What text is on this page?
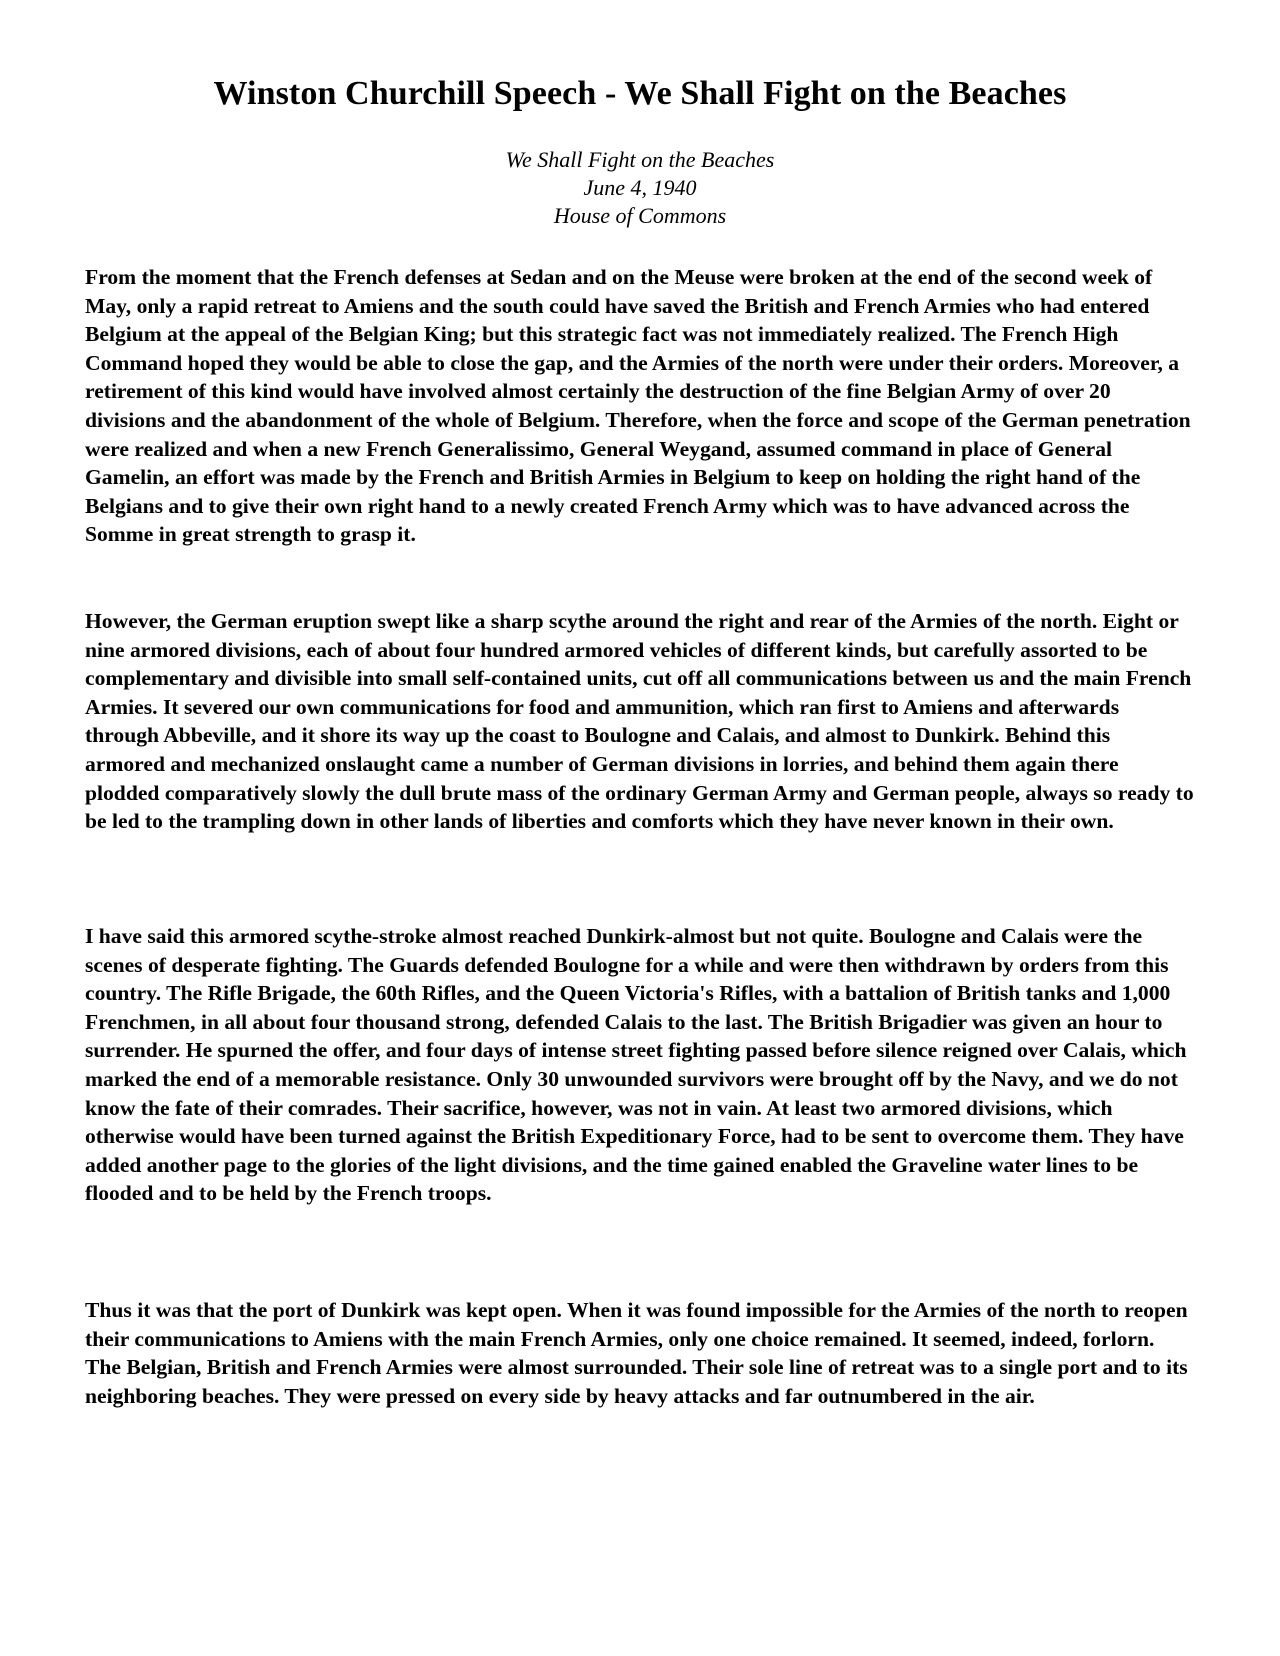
Winston Churchill Speech - We Shall Fight on the Beaches
We Shall Fight on the Beaches
June 4, 1940
House of Commons

From the moment that the French defenses at Sedan and on the Meuse were broken at the end of the second week of May, only a rapid retreat to Amiens and the south could have saved the British and French Armies who had entered Belgium at the appeal of the Belgian King; but this strategic fact was not immediately realized. The French High Command hoped they would be able to close the gap, and the Armies of the north were under their orders. Moreover, a retirement of this kind would have involved almost certainly the destruction of the fine Belgian Army of over 20 divisions and the abandonment of the whole of Belgium. Therefore, when the force and scope of the German penetration were realized and when a new French Generalissimo, General Weygand, assumed command in place of General Gamelin, an effort was made by the French and British Armies in Belgium to keep on holding the right hand of the Belgians and to give their own right hand to a newly created French Army which was to have advanced across the Somme in great strength to grasp it.

However, the German eruption swept like a sharp scythe around the right and rear of the Armies of the north. Eight or nine armored divisions, each of about four hundred armored vehicles of different kinds, but carefully assorted to be complementary and divisible into small self-contained units, cut off all communications between us and the main French Armies. It severed our own communications for food and ammunition, which ran first to Amiens and afterwards through Abbeville, and it shore its way up the coast to Boulogne and Calais, and almost to Dunkirk. Behind this armored and mechanized onslaught came a number of German divisions in lorries, and behind them again there plodded comparatively slowly the dull brute mass of the ordinary German Army and German people, always so ready to be led to the trampling down in other lands of liberties and comforts which they have never known in their own.

I have said this armored scythe-stroke almost reached Dunkirk-almost but not quite. Boulogne and Calais were the scenes of desperate fighting. The Guards defended Boulogne for a while and were then withdrawn by orders from this country. The Rifle Brigade, the 60th Rifles, and the Queen Victoria's Rifles, with a battalion of British tanks and 1,000 Frenchmen, in all about four thousand strong, defended Calais to the last. The British Brigadier was given an hour to surrender. He spurned the offer, and four days of intense street fighting passed before silence reigned over Calais, which marked the end of a memorable resistance. Only 30 unwounded survivors were brought off by the Navy, and we do not know the fate of their comrades. Their sacrifice, however, was not in vain. At least two armored divisions, which otherwise would have been turned against the British Expeditionary Force, had to be sent to overcome them. They have added another page to the glories of the light divisions, and the time gained enabled the Graveline water lines to be flooded and to be held by the French troops.

Thus it was that the port of Dunkirk was kept open. When it was found impossible for the Armies of the north to reopen their communications to Amiens with the main French Armies, only one choice remained. It seemed, indeed, forlorn. The Belgian, British and French Armies were almost surrounded. Their sole line of retreat was to a single port and to its neighboring beaches. They were pressed on every side by heavy attacks and far outnumbered in the air.
